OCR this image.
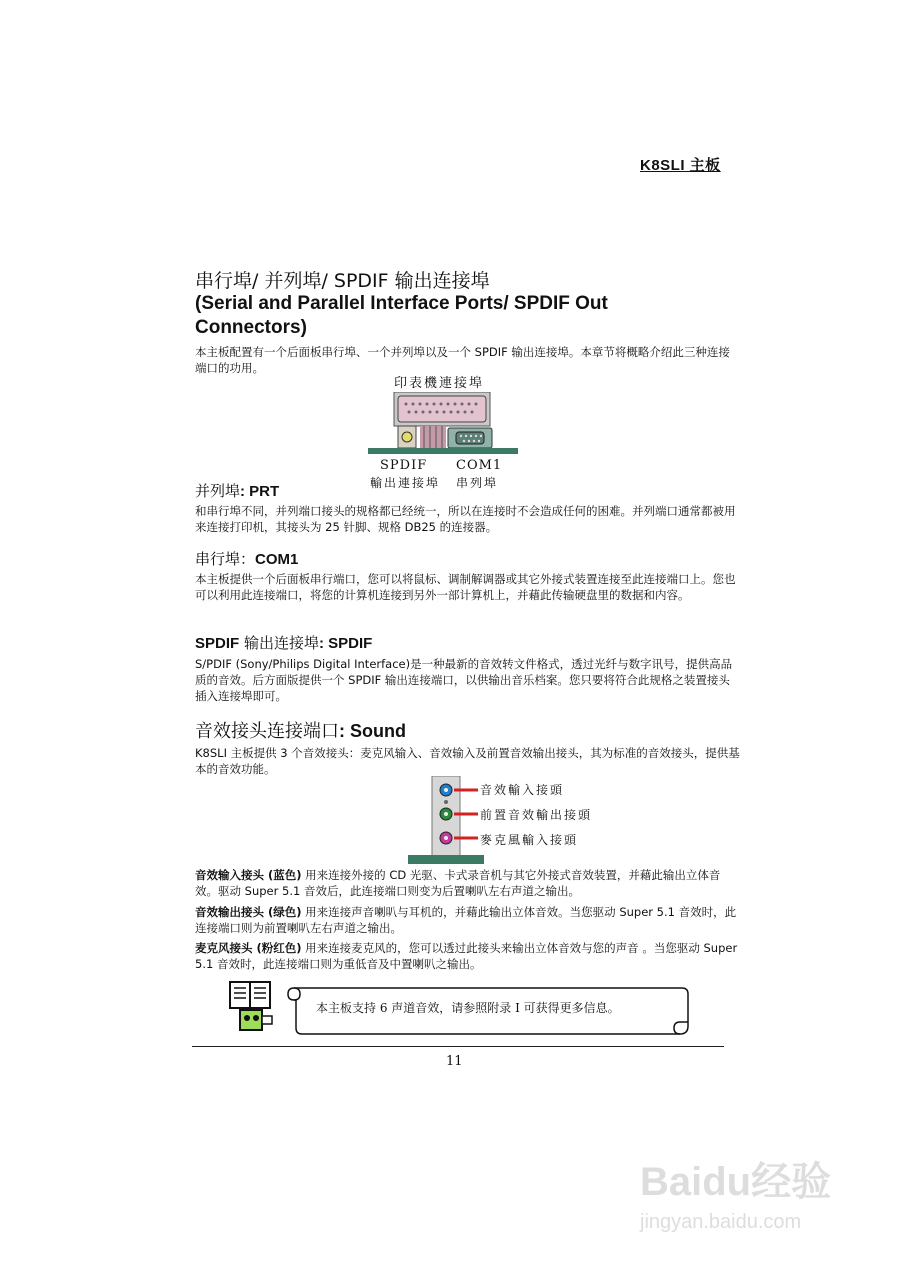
K8SLI 主板
串行埠/ 并列埠/ SPDIF 输出连接埠
(Serial and Parallel Interface Ports/ SPDIF Out
Connectors)
本主板配置有一个后面板串行埠、一个并列埠以及一个 SPDIF 输出连接埠。本章节将概略介绍此三种连接端口的功用。
印表機連接埠
SPDIF COM1
輸出連接埠 串列埠
并列埠: PRT
和串行埠不同，并列端口接头的规格都已经统一，所以在连接时不会造成任何的困难。并列端口通常都被用来连接打印机，其接头为 25 针脚、规格 DB25 的连接器。
串行埠：COM1
本主板提供一个后面板串行端口，您可以将鼠标、调制解调器或其它外接式装置连接至此连接端口上。您也可以利用此连接端口，将您的计算机连接到另外一部计算机上，并藉此传输硬盘里的数据和内容。
SPDIF 输出连接埠: SPDIF
S/PDIF (Sony/Philips Digital Interface)是一种最新的音效转文件格式，透过光纤与数字讯号，提供高品质的音效。后方面版提供一个 SPDIF 输出连接端口，以供输出音乐档案。您只要将符合此规格之装置接头插入连接埠即可。
音效接头连接端口: Sound
K8SLI 主板提供 3 个音效接头：麦克风输入、音效输入及前置音效输出接头，其为标准的音效接头，提供基本的音效功能。
音效輸入接頭
前置音效輸出接頭
麥克風輸入接頭
音效输入接头 (蓝色) 用来连接外接的 CD 光驱、卡式录音机与其它外接式音效装置，并藉此输出立体音效。驱动 Super 5.1 音效后，此连接端口则变为后置喇叭左右声道之输出。
音效输出接头 (绿色) 用来连接声音喇叭与耳机的，并藉此输出立体音效。当您驱动 Super 5.1 音效时，此连接端口则为前置喇叭左右声道之输出。
麦克风接头 (粉红色) 用来连接麦克风的，您可以透过此接头来输出立体音效与您的声音 。当您驱动 Super 5.1 音效时，此连接端口则为重低音及中置喇叭之输出。
本主板支持 6 声道音效，请参照附录 I 可获得更多信息。
11
Baidu经验
jingyan.baidu.com
